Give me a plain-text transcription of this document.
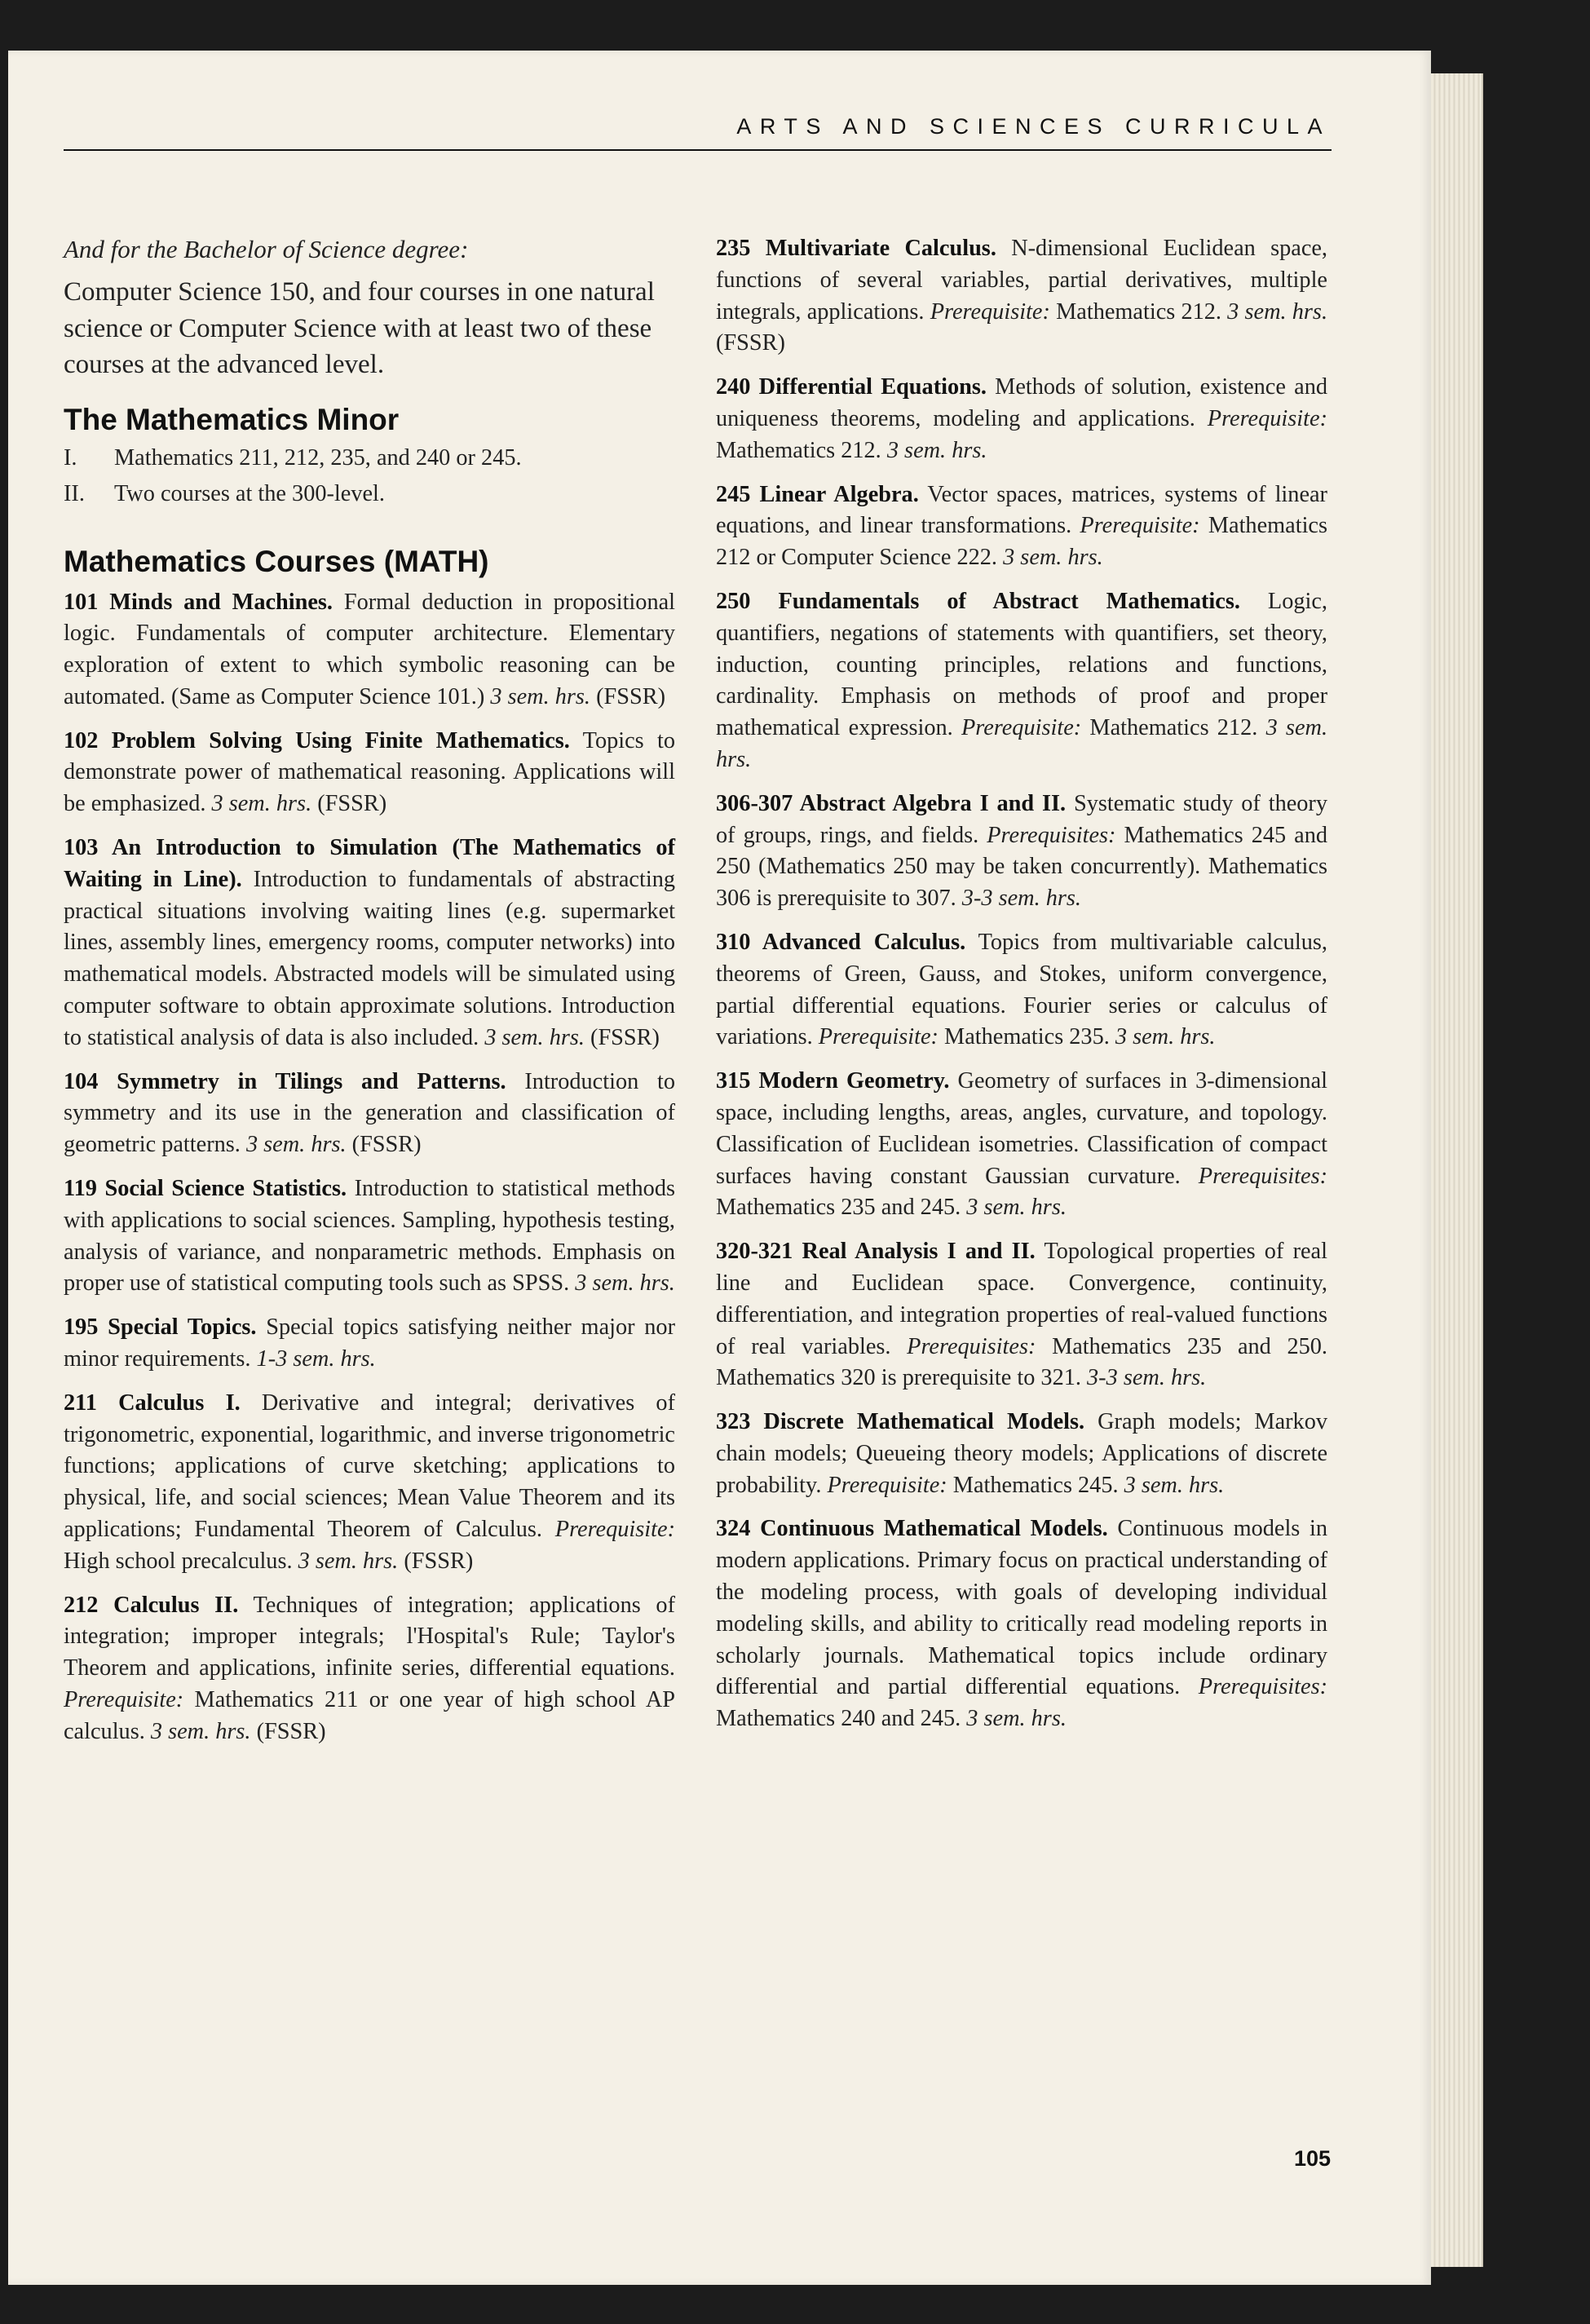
ARTS AND SCIENCES CURRICULA

And for the Bachelor of Science degree:

Computer Science 150, and four courses in one natural science or Computer Science with at least two of these courses at the advanced level.

The Mathematics Minor
I.	Mathematics 211, 212, 235, and 240 or 245.
II.	Two courses at the 300-level.
Mathematics Courses (MATH)

101 Minds and Machines. Formal deduction in propositional logic. Fundamentals of computer architecture. Elementary exploration of extent to which symbolic reasoning can be automated. (Same as Computer Science 101.) 3 sem. hrs. (FSSR)

102 Problem Solving Using Finite Mathematics. Topics to demonstrate power of mathematical reasoning. Applications will be emphasized. 3 sem. hrs. (FSSR)

103 An Introduction to Simulation (The Mathematics of Waiting in Line). Introduction to fundamentals of abstracting practical situations involving waiting lines (e.g. supermarket lines, assembly lines, emergency rooms, computer networks) into mathematical models. Abstracted models will be simulated using computer software to obtain approximate solutions. Introduction to statistical analysis of data is also included. 3 sem. hrs. (FSSR)

104 Symmetry in Tilings and Patterns. Introduction to symmetry and its use in the generation and classification of geometric patterns. 3 sem. hrs. (FSSR)

119 Social Science Statistics. Introduction to statistical methods with applications to social sciences. Sampling, hypothesis testing, analysis of variance, and nonparametric methods. Emphasis on proper use of statistical computing tools such as SPSS. 3 sem. hrs.

195 Special Topics. Special topics satisfying neither major nor minor requirements. 1-3 sem. hrs.

211 Calculus I. Derivative and integral; derivatives of trigonometric, exponential, logarithmic, and inverse trigonometric functions; applications of curve sketching; applications to physical, life, and social sciences; Mean Value Theorem and its applications; Fundamental Theorem of Calculus. Prerequisite: High school precalculus. 3 sem. hrs. (FSSR)

212 Calculus II. Techniques of integration; applications of integration; improper integrals; l'Hospital's Rule; Taylor's Theorem and applications, infinite series, differential equations. Prerequisite: Mathematics 211 or one year of high school AP calculus. 3 sem. hrs. (FSSR)

235 Multivariate Calculus. N-dimensional Euclidean space, functions of several variables, partial derivatives, multiple integrals, applications. Prerequisite: Mathematics 212. 3 sem. hrs. (FSSR)

240 Differential Equations. Methods of solution, existence and uniqueness theorems, modeling and applications. Prerequisite: Mathematics 212. 3 sem. hrs.

245 Linear Algebra. Vector spaces, matrices, systems of linear equations, and linear transformations. Prerequisite: Mathematics 212 or Computer Science 222. 3 sem. hrs.

250 Fundamentals of Abstract Mathematics. Logic, quantifiers, negations of statements with quantifiers, set theory, induction, counting principles, relations and functions, cardinality. Emphasis on methods of proof and proper mathematical expression. Prerequisite: Mathematics 212. 3 sem. hrs.

306-307 Abstract Algebra I and II. Systematic study of theory of groups, rings, and fields. Prerequisites: Mathematics 245 and 250 (Mathematics 250 may be taken concurrently). Mathematics 306 is prerequisite to 307. 3-3 sem. hrs.

310 Advanced Calculus. Topics from multivariable calculus, theorems of Green, Gauss, and Stokes, uniform convergence, partial differential equations. Fourier series or calculus of variations. Prerequisite: Mathematics 235. 3 sem. hrs.

315 Modern Geometry. Geometry of surfaces in 3-dimensional space, including lengths, areas, angles, curvature, and topology. Classification of Euclidean isometries. Classification of compact surfaces having constant Gaussian curvature. Prerequisites: Mathematics 235 and 245. 3 sem. hrs.

320-321 Real Analysis I and II. Topological properties of real line and Euclidean space. Convergence, continuity, differentiation, and integration properties of real-valued functions of real variables. Prerequisites: Mathematics 235 and 250. Mathematics 320 is prerequisite to 321. 3-3 sem. hrs.

323 Discrete Mathematical Models. Graph models; Markov chain models; Queueing theory models; Applications of discrete probability. Prerequisite: Mathematics 245. 3 sem. hrs.

324 Continuous Mathematical Models. Continuous models in modern applications. Primary focus on practical understanding of the modeling process, with goals of developing individual modeling skills, and ability to critically read modeling reports in scholarly journals. Mathematical topics include ordinary differential and partial differential equations. Prerequisites: Mathematics 240 and 245. 3 sem. hrs.

105
